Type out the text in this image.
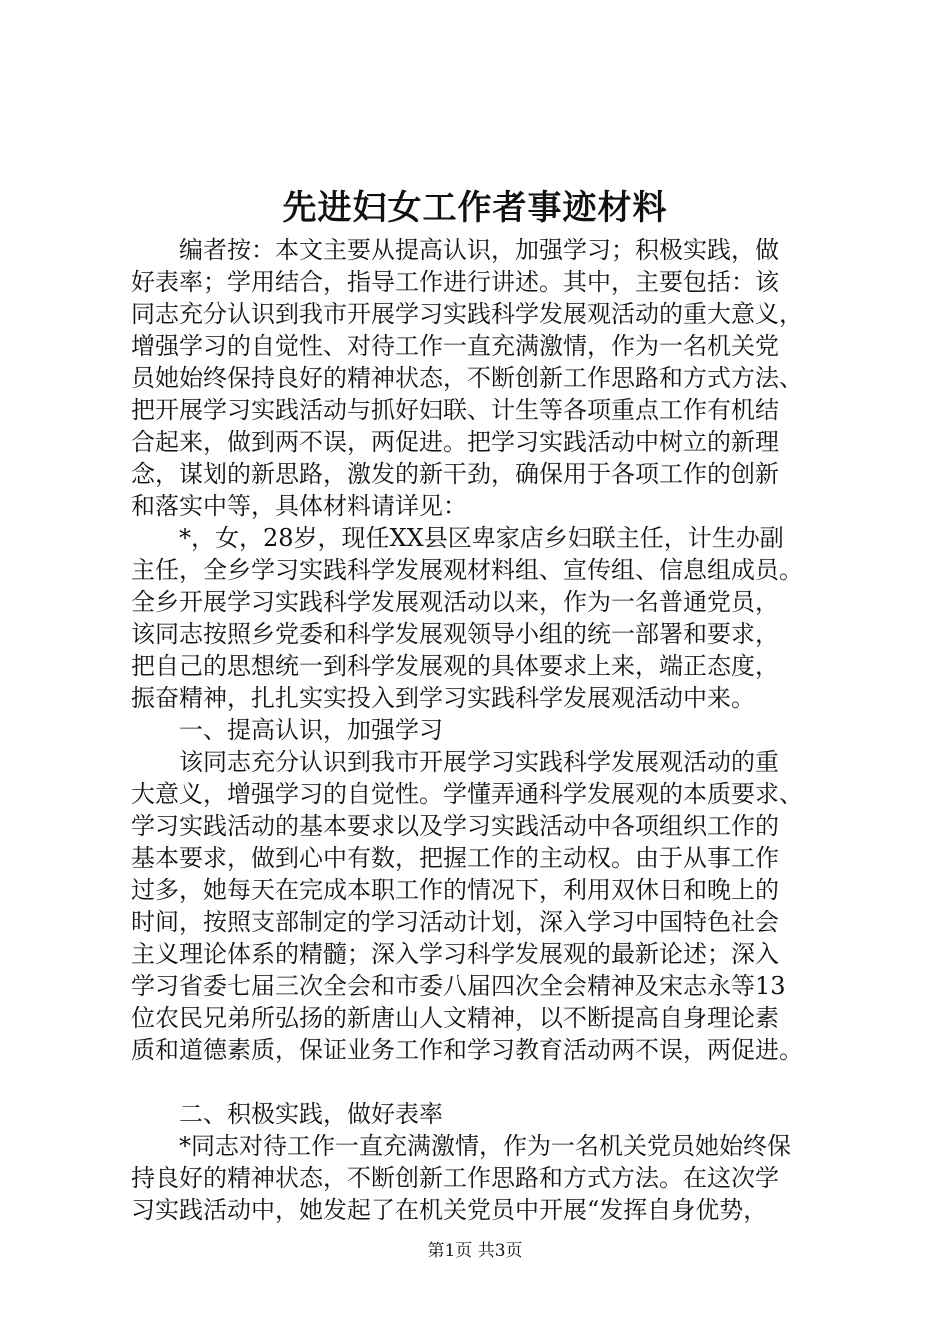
先进妇女工作者事迹材料

　　编者按：本文主要从提高认识，加强学习；积极实践，做

好表率；学用结合，指导工作进行讲述。其中，主要包括：该

同志充分认识到我市开展学习实践科学发展观活动的重大意义，

增强学习的自觉性、对待工作一直充满激情，作为一名机关党

员她始终保持良好的精神状态，不断创新工作思路和方式方法、

把开展学习实践活动与抓好妇联、计生等各项重点工作有机结

合起来，做到两不误，两促进。把学习实践活动中树立的新理

念，谋划的新思路，激发的新干劲，确保用于各项工作的创新

和落实中等，具体材料请详见：

　　*，女，28岁，现任XX县区卑家店乡妇联主任，计生办副

主任，全乡学习实践科学发展观材料组、宣传组、信息组成员。

全乡开展学习实践科学发展观活动以来，作为一名普通党员，

该同志按照乡党委和科学发展观领导小组的统一部署和要求，

把自己的思想统一到科学发展观的具体要求上来，端正态度，

振奋精神，扎扎实实投入到学习实践科学发展观活动中来。

　　一、提高认识，加强学习

　　该同志充分认识到我市开展学习实践科学发展观活动的重

大意义，增强学习的自觉性。学懂弄通科学发展观的本质要求、

学习实践活动的基本要求以及学习实践活动中各项组织工作的

基本要求，做到心中有数，把握工作的主动权。由于从事工作

过多，她每天在完成本职工作的情况下，利用双休日和晚上的

时间，按照支部制定的学习活动计划，深入学习中国特色社会

主义理论体系的精髓；深入学习科学发展观的最新论述；深入

学习省委七届三次全会和市委八届四次全会精神及宋志永等13

位农民兄弟所弘扬的新唐山人文精神，以不断提高自身理论素

质和道德素质，保证业务工作和学习教育活动两不误，两促进。

　　二、积极实践，做好表率

　　*同志对待工作一直充满激情，作为一名机关党员她始终保

持良好的精神状态，不断创新工作思路和方式方法。在这次学

习实践活动中，她发起了在机关党员中开展“发挥自身优势，

第1页 共3页
